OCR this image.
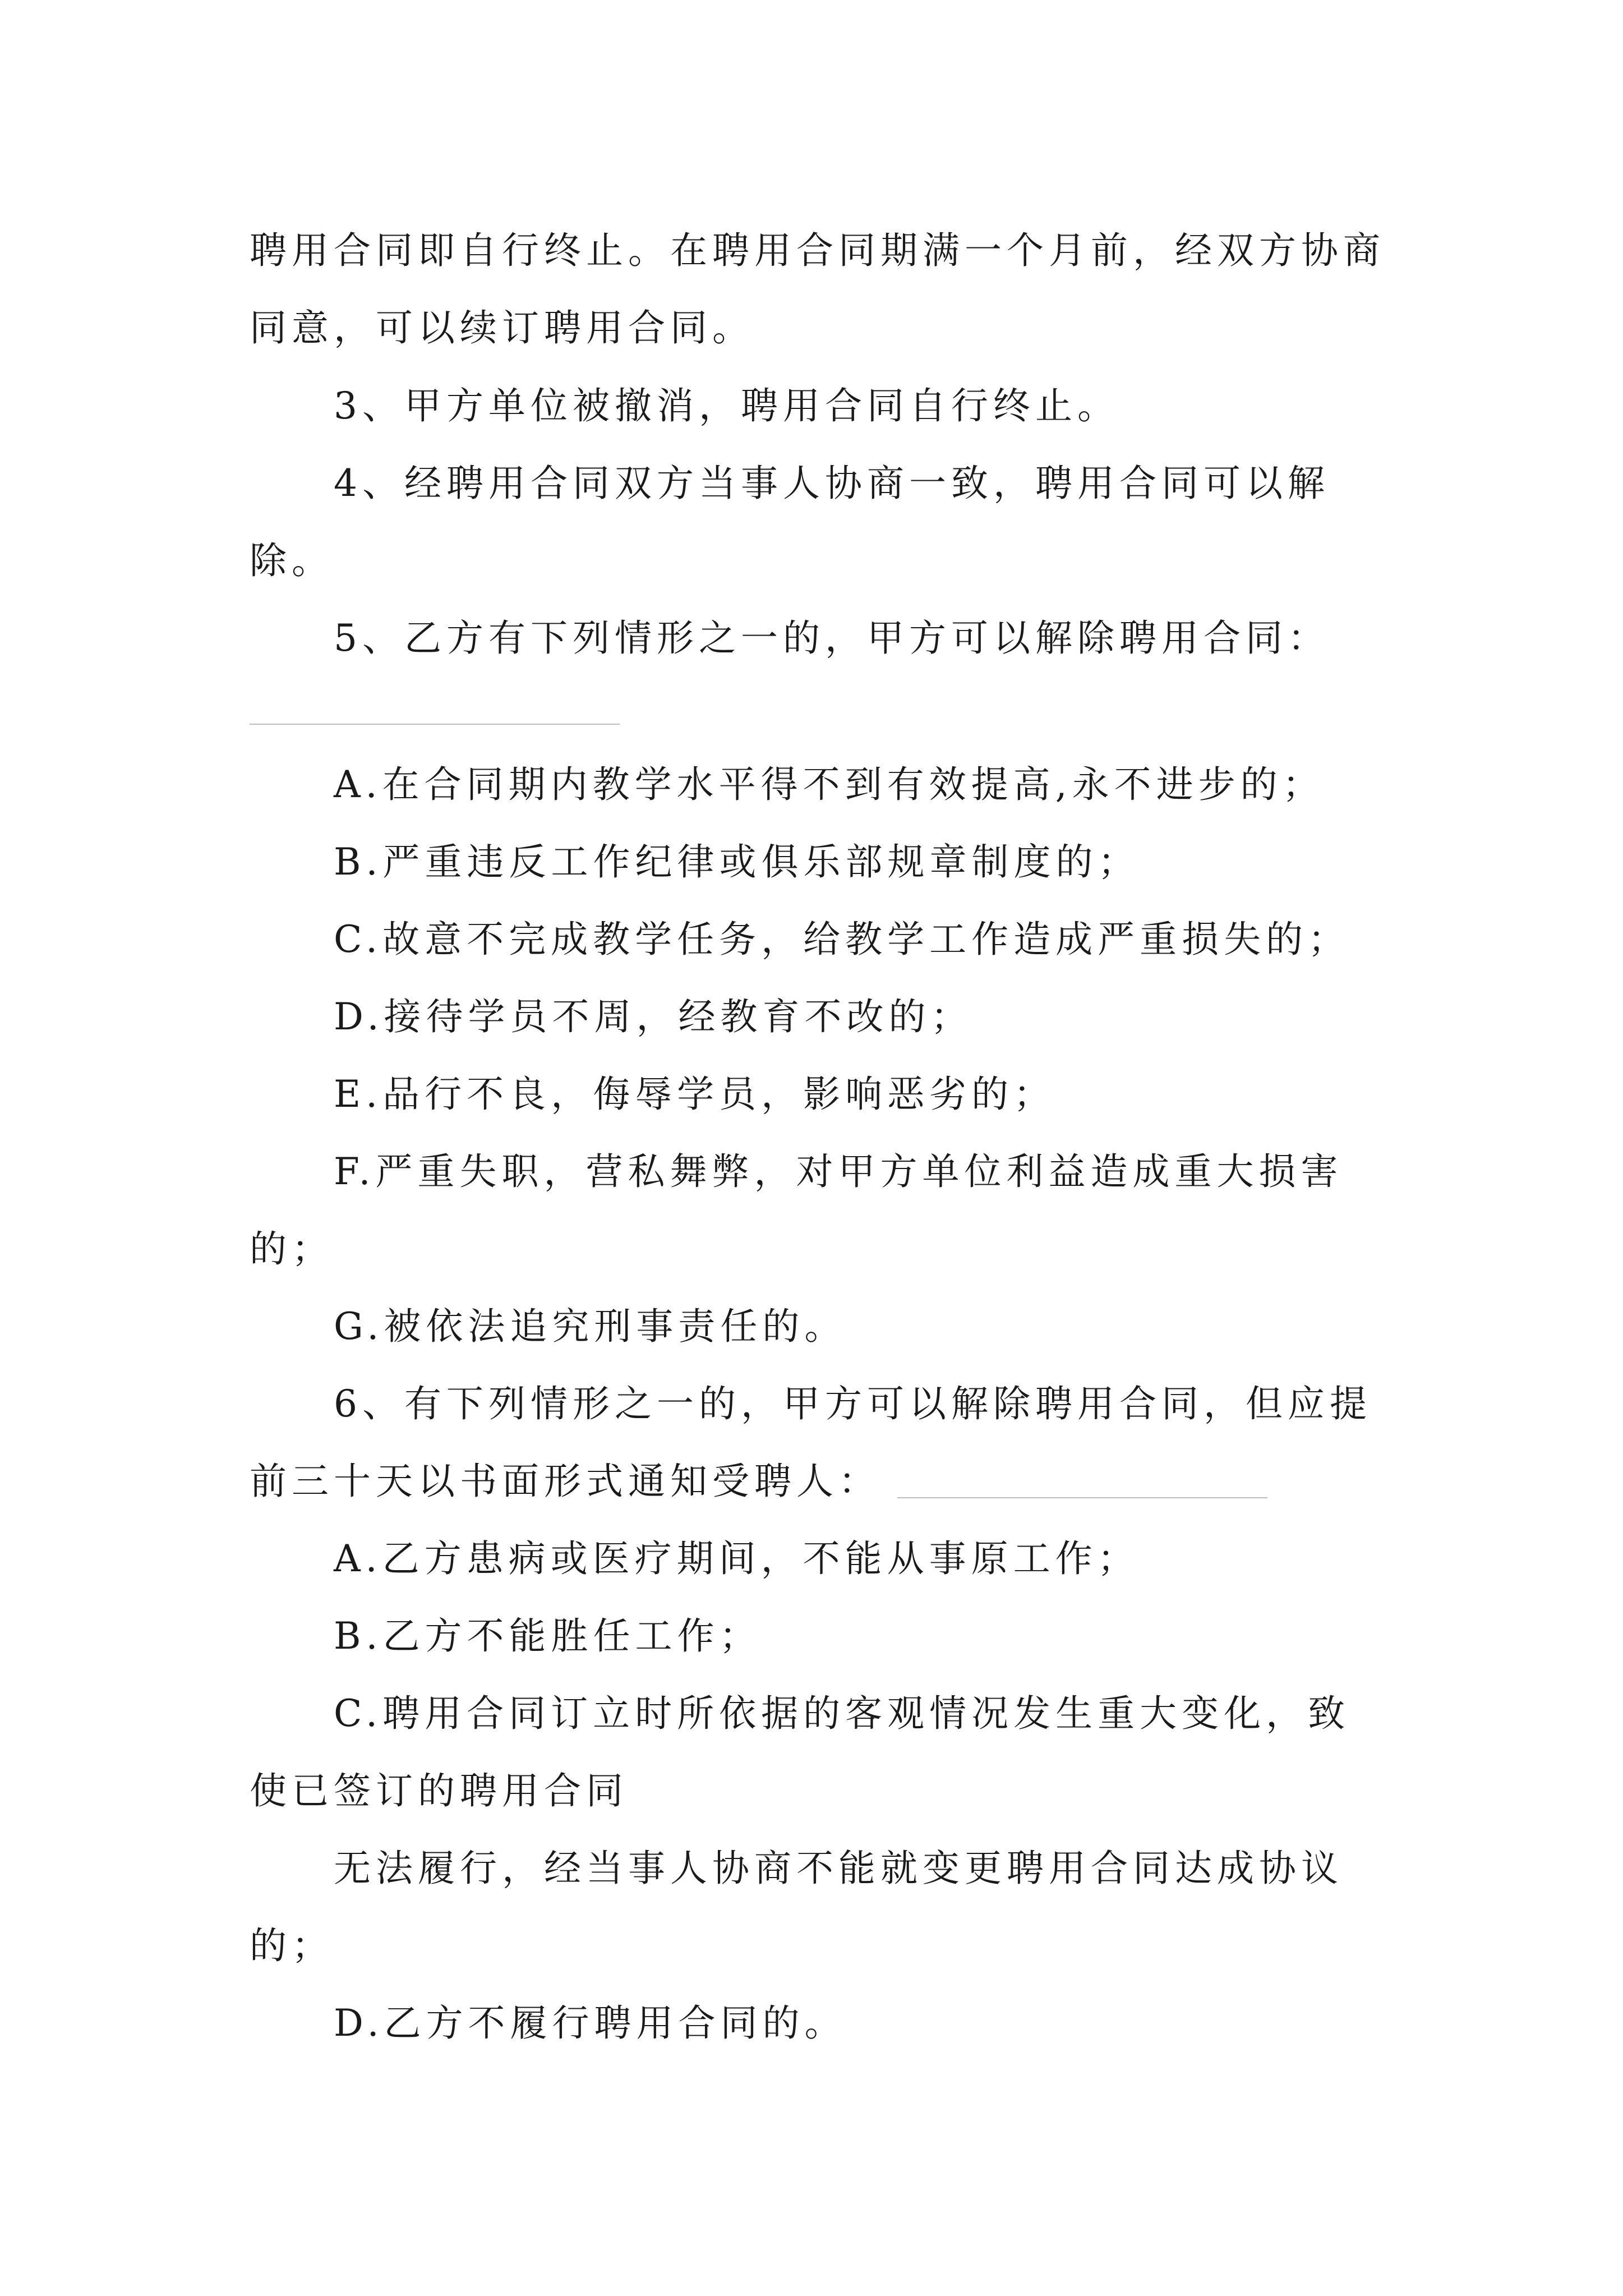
聘用合同即自行终止。在聘用合同期满一个月前，经双方协商同意，可以续订聘用合同。

3、甲方单位被撤消，聘用合同自行终止。

4、经聘用合同双方当事人协商一致，聘用合同可以解除。

5、乙方有下列情形之一的，甲方可以解除聘用合同：

A.在合同期内教学水平得不到有效提高,永不进步的；

B.严重违反工作纪律或俱乐部规章制度的；

C.故意不完成教学任务，给教学工作造成严重损失的；

D.接待学员不周，经教育不改的；

E.品行不良，侮辱学员，影响恶劣的；

F.严重失职，营私舞弊，对甲方单位利益造成重大损害的；

G.被依法追究刑事责任的。

6、有下列情形之一的，甲方可以解除聘用合同，但应提前三十天以书面形式通知受聘人：

A.乙方患病或医疗期间，不能从事原工作；

B.乙方不能胜任工作；

C.聘用合同订立时所依据的客观情况发生重大变化，致使已签订的聘用合同

无法履行，经当事人协商不能就变更聘用合同达成协议的；

D.乙方不履行聘用合同的。
